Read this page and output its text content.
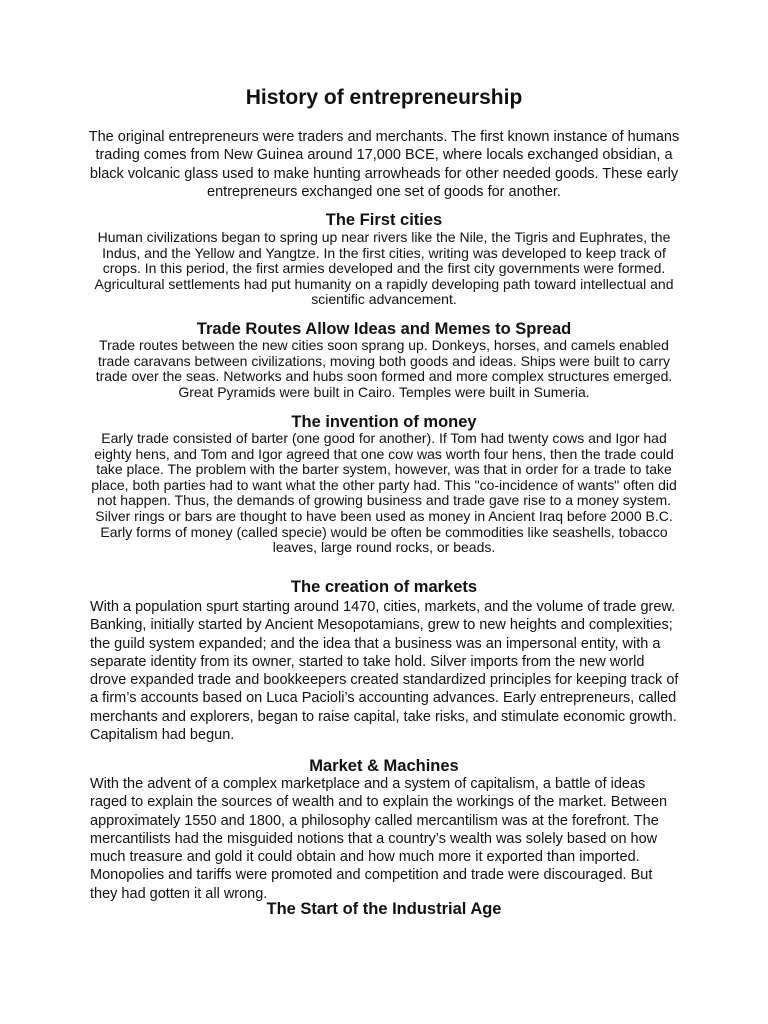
History of entrepreneurship

The original entrepreneurs were traders and merchants. The first known instance of humans trading comes from New Guinea around 17,000 BCE, where locals exchanged obsidian, a black volcanic glass used to make hunting arrowheads for other needed goods. These early entrepreneurs exchanged one set of goods for another.

The First cities

Human civilizations began to spring up near rivers like the Nile, the Tigris and Euphrates, the Indus, and the Yellow and Yangtze. In the first cities, writing was developed to keep track of crops. In this period, the first armies developed and the first city governments were formed. Agricultural settlements had put humanity on a rapidly developing path toward intellectual and scientific advancement.

Trade Routes Allow Ideas and Memes to Spread

Trade routes between the new cities soon sprang up. Donkeys, horses, and camels enabled trade caravans between civilizations, moving both goods and ideas. Ships were built to carry trade over the seas. Networks and hubs soon formed and more complex structures emerged. Great Pyramids were built in Cairo. Temples were built in Sumeria.

The invention of money

Early trade consisted of barter (one good for another). If Tom had twenty cows and Igor had eighty hens, and Tom and Igor agreed that one cow was worth four hens, then the trade could take place. The problem with the barter system, however, was that in order for a trade to take place, both parties had to want what the other party had. This "co-incidence of wants" often did not happen. Thus, the demands of growing business and trade gave rise to a money system. Silver rings or bars are thought to have been used as money in Ancient Iraq before 2000 B.C. Early forms of money (called specie) would be often be commodities like seashells, tobacco leaves, large round rocks, or beads.

The creation of markets

With a population spurt starting around 1470, cities, markets, and the volume of trade grew. Banking, initially started by Ancient Mesopotamians, grew to new heights and complexities; the guild system expanded; and the idea that a business was an impersonal entity, with a separate identity from its owner, started to take hold. Silver imports from the new world drove expanded trade and bookkeepers created standardized principles for keeping track of a firm’s accounts based on Luca Pacioli’s accounting advances. Early entrepreneurs, called merchants and explorers, began to raise capital, take risks, and stimulate economic growth. Capitalism had begun.

Market & Machines

With the advent of a complex marketplace and a system of capitalism, a battle of ideas raged to explain the sources of wealth and to explain the workings of the market. Between approximately 1550 and 1800, a philosophy called mercantilism was at the forefront. The mercantilists had the misguided notions that a country’s wealth was solely based on how much treasure and gold it could obtain and how much more it exported than imported. Monopolies and tariffs were promoted and competition and trade were discouraged. But they had gotten it all wrong.

The Start of the Industrial Age
